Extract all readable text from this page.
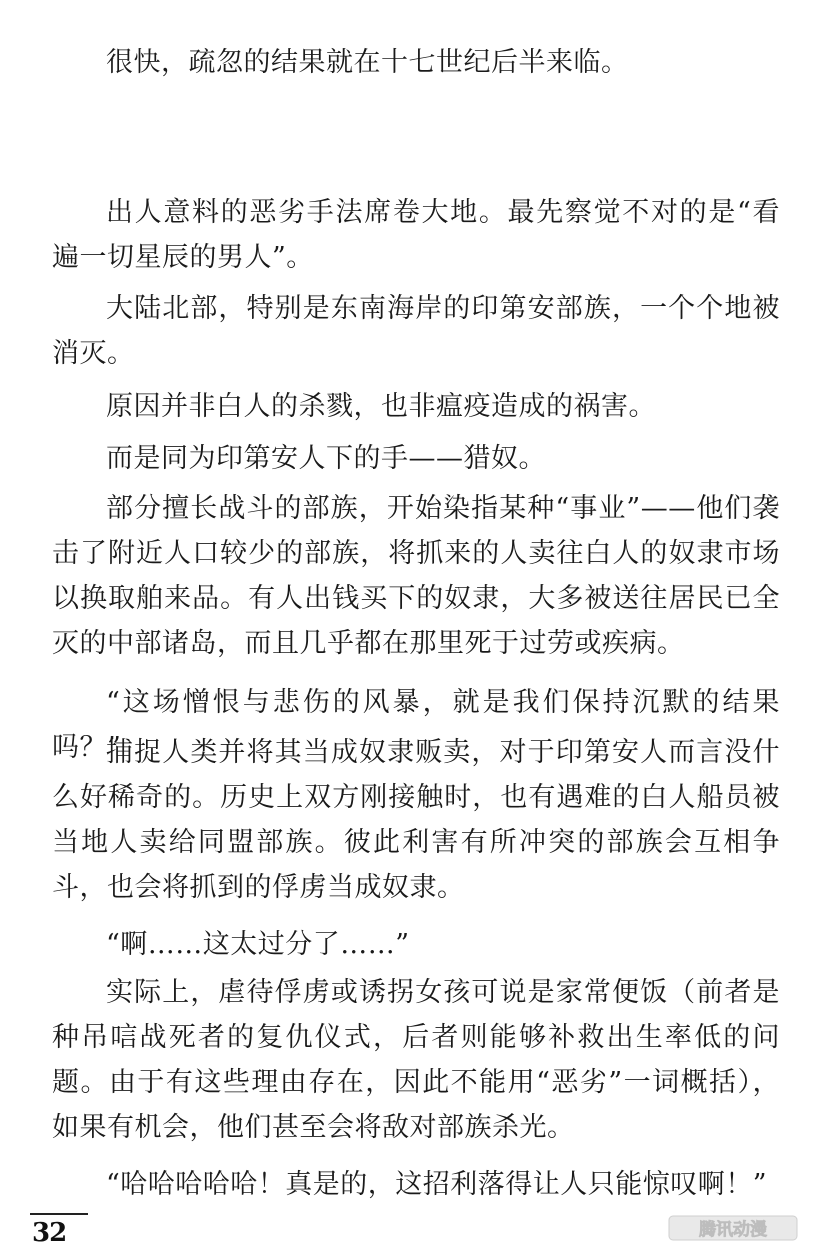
很快，疏忽的结果就在十七世纪后半来临。

出人意料的恶劣手法席卷大地。最先察觉不对的是“看遍一切星辰的男人”。

大陆北部，特别是东南海岸的印第安部族，一个个地被消灭。

原因并非白人的杀戮，也非瘟疫造成的祸害。

而是同为印第安人下的手——猎奴。

部分擅长战斗的部族，开始染指某种“事业”——他们袭击了附近人口较少的部族，将抓来的人卖往白人的奴隶市场以换取舶来品。有人出钱买下的奴隶，大多被送往居民已全灭的中部诸岛，而且几乎都在那里死于过劳或疾病。

“这场憎恨与悲伤的风暴，就是我们保持沉默的结果吗？”

捕捉人类并将其当成奴隶贩卖，对于印第安人而言没什么好稀奇的。历史上双方刚接触时，也有遇难的白人船员被当地人卖给同盟部族。彼此利害有所冲突的部族会互相争斗，也会将抓到的俘虏当成奴隶。

“啊……这太过分了……”

实际上，虐待俘虏或诱拐女孩可说是家常便饭（前者是种吊唁战死者的复仇仪式，后者则能够补救出生率低的问题。由于有这些理由存在，因此不能用“恶劣”一词概括），如果有机会，他们甚至会将敌对部族杀光。

“哈哈哈哈哈！真是的，这招利落得让人只能惊叹啊！”

32	腾讯动漫
